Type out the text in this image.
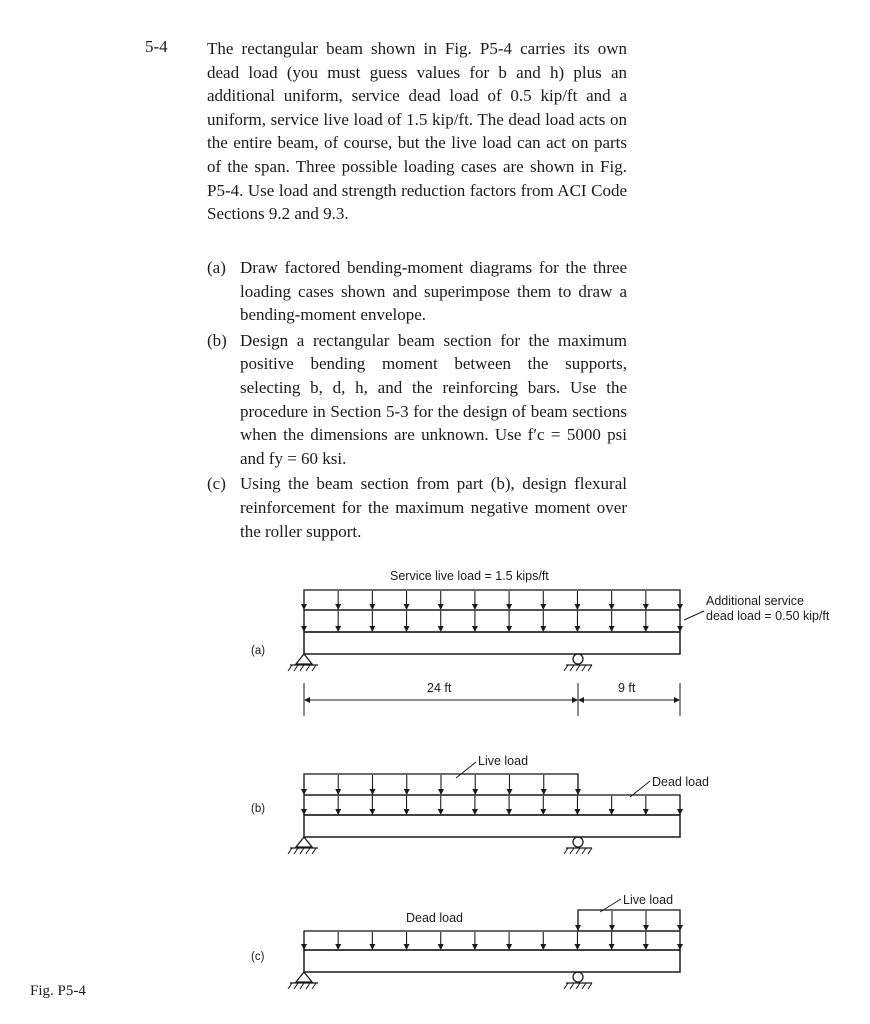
5-4 The rectangular beam shown in Fig. P5-4 carries its own dead load (you must guess values for b and h) plus an additional uniform, service dead load of 0.5 kip/ft and a uniform, service live load of 1.5 kip/ft. The dead load acts on the entire beam, of course, but the live load can act on parts of the span. Three possible loading cases are shown in Fig. P5-4. Use load and strength reduction factors from ACI Code Sections 9.2 and 9.3.

(a) Draw factored bending-moment diagrams for the three loading cases shown and superimpose them to draw a bending-moment envelope.
(b) Design a rectangular beam section for the maximum positive bending moment between the supports, selecting b, d, h, and the reinforcing bars. Use the procedure in Section 5-3 for the design of beam sections when the dimensions are unknown. Use f′c = 5000 psi and fy = 60 ksi.
(c) Using the beam section from part (b), design flexural reinforcement for the maximum negative moment over the roller support.
Fig. P5-4
Service live load = 1.5 kips/ft
Additional service
dead load = 0.50 kip/ft
(a)
24 ft	9 ft
Live load
Dead load
(b)
Dead load
Live load
(c)
